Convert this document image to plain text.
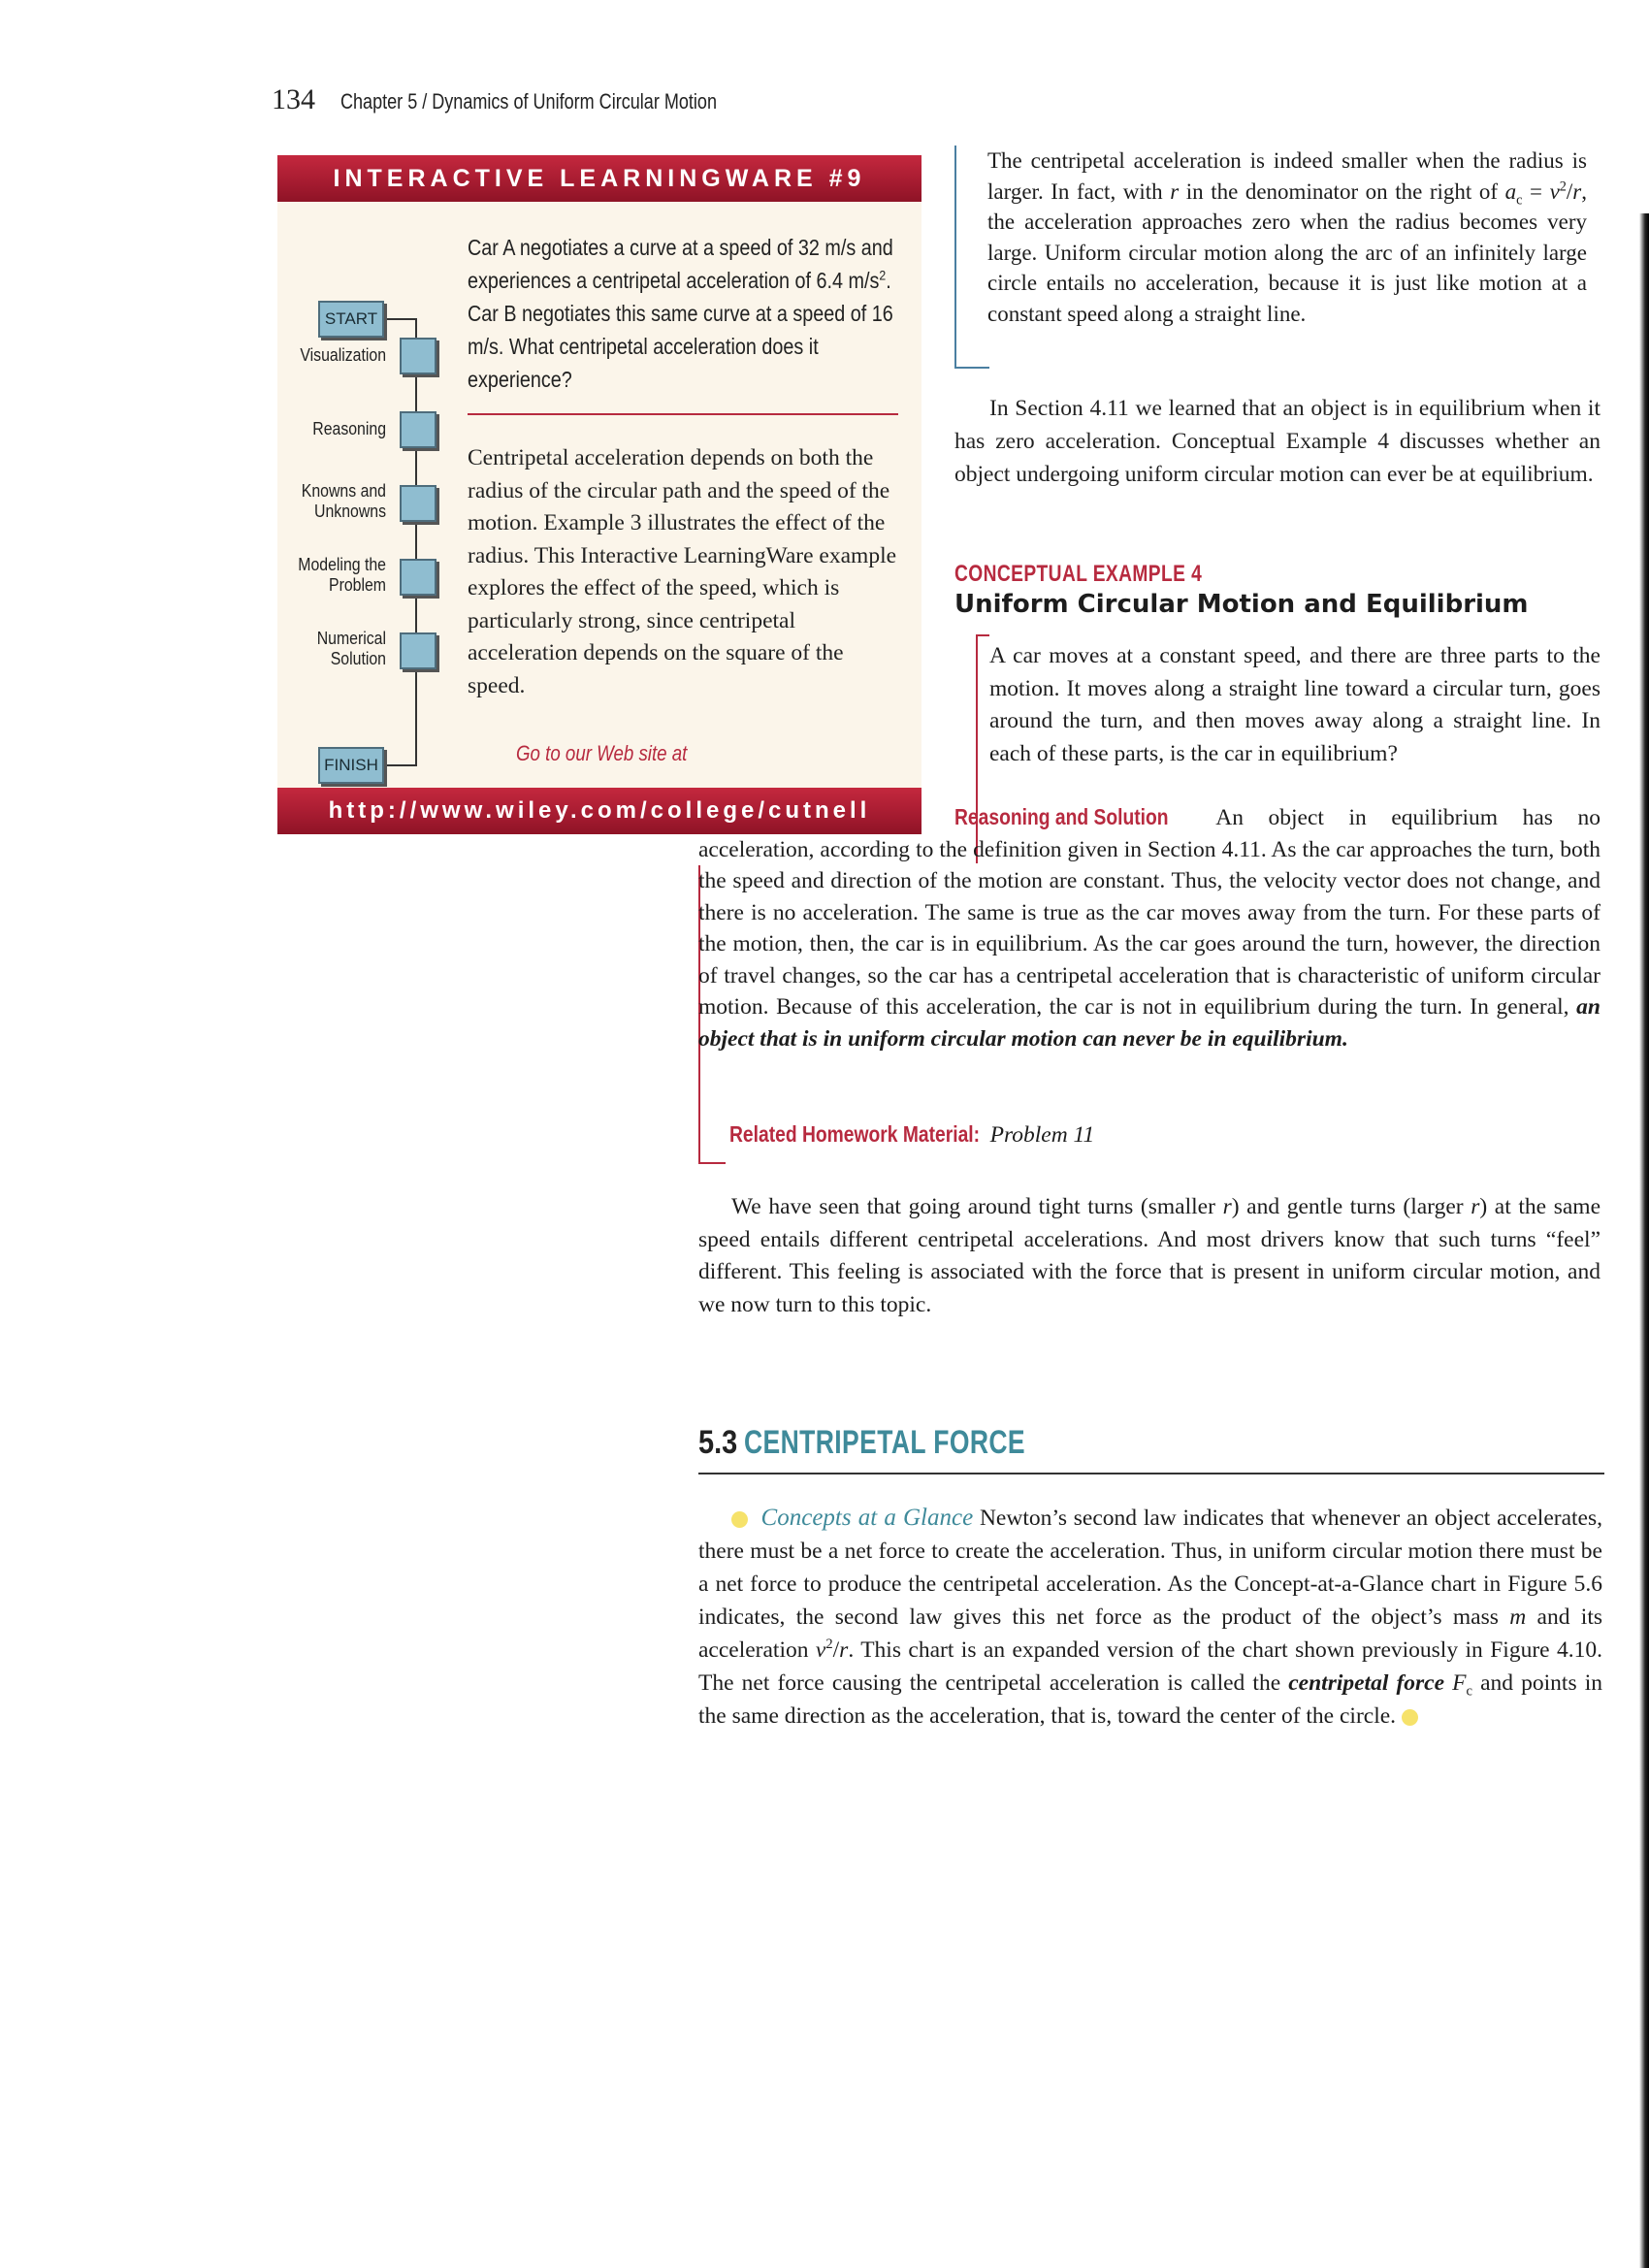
134 Chapter 5 / Dynamics of Uniform Circular Motion
INTERACTIVE LEARNINGWARE #9
START
Visualization
Reasoning
Knowns and Unknowns
Modeling the Problem
Numerical Solution
FINISH
Car A negotiates a curve at a speed of 32 m/s and experiences a centripetal acceleration of 6.4 $m/s^2$. Car B negotiates this same curve at a speed of 16 m/s. What centripetal acceleration does it experience?
Centripetal acceleration depends on both the radius of the circular path and the speed of the motion. Example 3 illustrates the effect of the radius. This Interactive LearningWare example explores the effect of the speed, which is particularly strong, since centripetal acceleration depends on the square of the speed.
Go to our Web site at
http://www.wiley.com/college/cutnell
The centripetal acceleration is indeed smaller when the radius is larger. In fact, with r in the denominator on the right of $a_c = v^2/r$, the acceleration approaches zero when the radius becomes very large. Uniform circular motion along the arc of an infinitely large circle entails no acceleration, because it is just like motion at a constant speed along a straight line.
In Section 4.11 we learned that an object is in equilibrium when it has zero acceleration. Conceptual Example 4 discusses whether an object undergoing uniform circular motion can ever be at equilibrium.
CONCEPTUAL EXAMPLE 4
Uniform Circular Motion and Equilibrium
A car moves at a constant speed, and there are three parts to the motion. It moves along a straight line toward a circular turn, goes around the turn, and then moves away along a straight line. In each of these parts, is the car in equilibrium?
Reasoning and Solution An object in equilibrium has no acceleration, according to the definition given in Section 4.11. As the car approaches the turn, both the speed and direction of the motion are constant. Thus, the velocity vector does not change, and there is no acceleration. The same is true as the car moves away from the turn. For these parts of the motion, then, the car is in equilibrium. As the car goes around the turn, however, the direction of travel changes, so the car has a centripetal acceleration that is characteristic of uniform circular motion. Because of this acceleration, the car is not in equilibrium during the turn. In general, an object that is in uniform circular motion can never be in equilibrium.
Related Homework Material: Problem 11
We have seen that going around tight turns (smaller r) and gentle turns (larger r) at the same speed entails different centripetal accelerations. And most drivers know that such turns “feel” different. This feeling is associated with the force that is present in uniform circular motion, and we now turn to this topic.
5.3 CENTRIPETAL FORCE
Concepts at a Glance Newton’s second law indicates that whenever an object accelerates, there must be a net force to create the acceleration. Thus, in uniform circular motion there must be a net force to produce the centripetal acceleration. As the Concept-at-a-Glance chart in Figure 5.6 indicates, the second law gives this net force as the product of the object’s mass m and its acceleration $v^2/r$. This chart is an expanded version of the chart shown previously in Figure 4.10. The net force causing the centripetal acceleration is called the centripetal force $F_c$ and points in the same direction as the acceleration, that is, toward the center of the circle.
